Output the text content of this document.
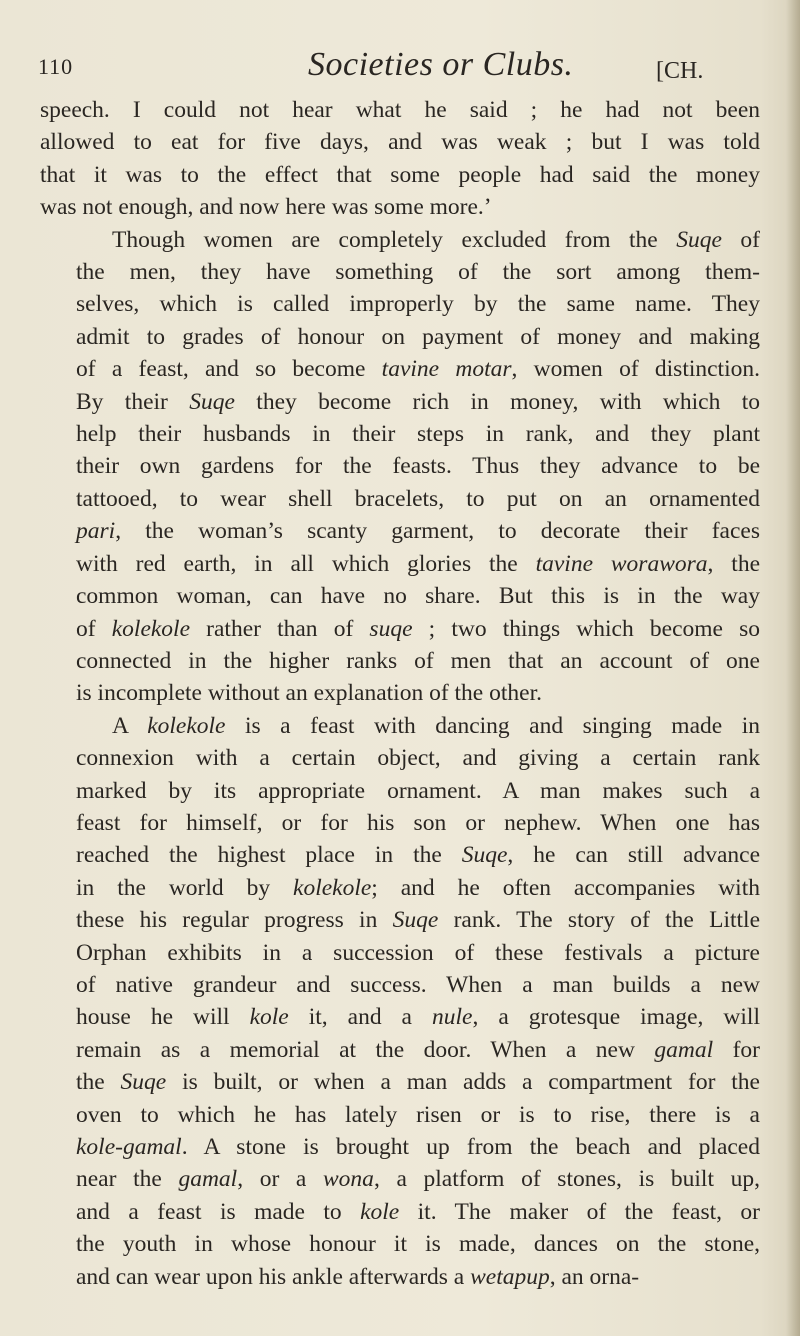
110	Societies or Clubs.	[CH.

speech. I could not hear what he said ; he had not been
allowed to eat for five days, and was weak ; but I was told
that it was to the effect that some people had said the money
was not enough, and now here was some more.’

Though women are completely excluded from the Suqe of
the men, they have something of the sort among them-
selves, which is called improperly by the same name. They
admit to grades of honour on payment of money and making
of a feast, and so become tavine motar, women of distinction.
By their Suqe they become rich in money, with which to
help their husbands in their steps in rank, and they plant
their own gardens for the feasts. Thus they advance to be
tattooed, to wear shell bracelets, to put on an ornamented
pari, the woman’s scanty garment, to decorate their faces
with red earth, in all which glories the tavine worawora, the
common woman, can have no share. But this is in the way
of kolekole rather than of suqe ; two things which become so
connected in the higher ranks of men that an account of one
is incomplete without an explanation of the other.

A kolekole is a feast with dancing and singing made in
connexion with a certain object, and giving a certain rank
marked by its appropriate ornament. A man makes such a
feast for himself, or for his son or nephew. When one has
reached the highest place in the Suqe, he can still advance
in the world by kolekole; and he often accompanies with
these his regular progress in Suqe rank. The story of the Little
Orphan exhibits in a succession of these festivals a picture
of native grandeur and success. When a man builds a new
house he will kole it, and a nule, a grotesque image, will
remain as a memorial at the door. When a new gamal for
the Suqe is built, or when a man adds a compartment for the
oven to which he has lately risen or is to rise, there is a
kole-gamal. A stone is brought up from the beach and placed
near the gamal, or a wona, a platform of stones, is built up,
and a feast is made to kole it. The maker of the feast, or
the youth in whose honour it is made, dances on the stone,
and can wear upon his ankle afterwards a wetapup, an orna-
